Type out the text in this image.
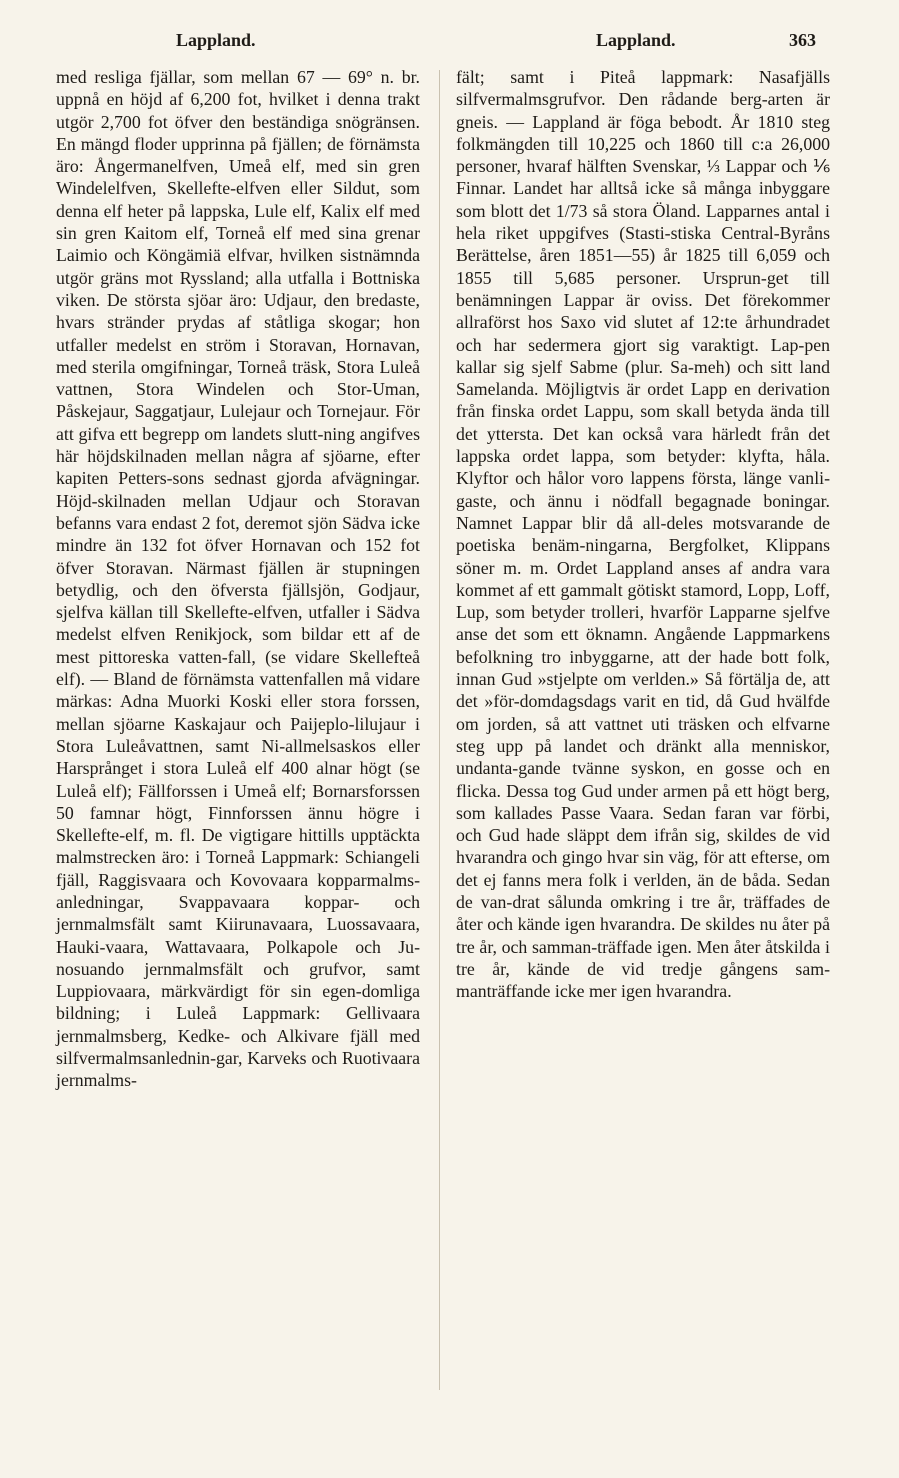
Lappland.	Lappland.	363

med resliga fjällar, som mellan 67 — 69° n. br. uppnå en höjd af 6,200 fot, hvilket i denna trakt utgör 2,700 fot öfver den beständiga snögränsen. En mängd floder upprinna på fjällen; de förnämsta äro: Ångermanelfven, Umeå elf, med sin gren Windelelfven, Skellefte-elfven eller Sildut, som denna elf heter på lappska, Lule elf, Kalix elf med sin gren Kaitom elf, Torneå elf med sina grenar Laimio och Köngämiä elfvar, hvilken sistnämnda utgör gräns mot Ryssland; alla utfalla i Bottniska viken. De största sjöar äro: Udjaur, den bredaste, hvars stränder prydas af ståtliga skogar; hon utfaller medelst en ström i Storavan, Hornavan, med sterila omgifningar, Torneå träsk, Stora Luleå vattnen, Stora Windelen och Stor-Uman, Påskejaur, Saggatjaur, Lulejaur och Tornejaur. För att gifva ett begrepp om landets slutt-ning angifves här höjdskilnaden mellan några af sjöarne, efter kapiten Petters-sons sednast gjorda afvägningar. Höjd-skilnaden mellan Udjaur och Storavan befanns vara endast 2 fot, deremot sjön Sädva icke mindre än 132 fot öfver Hornavan och 152 fot öfver Storavan. Närmast fjällen är stupningen betydlig, och den öfversta fjällsjön, Godjaur, sjelfva källan till Skellefte-elfven, utfaller i Sädva medelst elfven Renikjock, som bildar ett af de mest pittoreska vatten-fall, (se vidare Skellefteå elf). — Bland de förnämsta vattenfallen må vidare märkas: Adna Muorki Koski eller stora forssen, mellan sjöarne Kaskajaur och Paijeplo-lilujaur i Stora Luleåvattnen, samt Ni-allmelsaskos eller Harsprånget i stora Luleå elf 400 alnar högt (se Luleå elf); Fällforssen i Umeå elf; Bornarsforssen 50 famnar högt, Finnforssen ännu högre i Skellefte-elf, m. fl. De vigtigare hittills upptäckta malmstrecken äro: i Torneå Lappmark: Schiangeli fjäll, Raggisvaara och Kovovaara kopparmalms-anledningar, Svappavaara koppar- och jernmalmsfält samt Kiirunavaara, Luossavaara, Hauki-vaara, Wattavaara, Polkapole och Ju-nosuando jernmalmsfält och grufvor, samt Luppiovaara, märkvärdigt för sin egen-domliga bildning; i Luleå Lappmark: Gellivaara jernmalmsberg, Kedke- och Alkivare fjäll med silfvermalmsanlednin-gar, Karveks och Ruotivaara jernmalms-

fält; samt i Piteå lappmark: Nasafjälls silfvermalmsgrufvor. Den rådande berg-arten är gneis. — Lappland är föga bebodt. År 1810 steg folkmängden till 10,225 och 1860 till c:a 26,000 personer, hvaraf hälften Svenskar, ⅓ Lappar och ⅙ Finnar. Landet har alltså icke så många inbyggare som blott det 1/73 så stora Öland. Lapparnes antal i hela riket uppgifves (Stasti-stiska Central-Byråns Berättelse, åren 1851—55) år 1825 till 6,059 och 1855 till 5,685 personer. Ursprun-get till benämningen Lappar är oviss. Det förekommer allraförst hos Saxo vid slutet af 12:te århundradet och har sedermera gjort sig varaktigt. Lap-pen kallar sig sjelf Sabme (plur. Sa-meh) och sitt land Samelanda. Möjligtvis är ordet Lapp en derivation från finska ordet Lappu, som skall betyda ända till det yttersta. Det kan också vara härledt från det lappska ordet lappa, som betyder: klyfta, håla. Klyftor och hålor voro lappens första, länge vanli-gaste, och ännu i nödfall begagnade boningar. Namnet Lappar blir då all-deles motsvarande de poetiska benäm-ningarna, Bergfolket, Klippans söner m. m. Ordet Lappland anses af andra vara kommet af ett gammalt götiskt stamord, Lopp, Loff, Lup, som betyder trolleri, hvarför Lapparne sjelfve anse det som ett öknamn. Angående Lappmarkens befolkning tro inbyggarne, att der hade bott folk, innan Gud »stjelpte om verlden.» Så förtälja de, att det »för-domdagsdags varit en tid, då Gud hvälfde om jorden, så att vattnet uti träsken och elfvarne steg upp på landet och dränkt alla menniskor, undanta-gande tvänne syskon, en gosse och en flicka. Dessa tog Gud under armen på ett högt berg, som kallades Passe Vaara. Sedan faran var förbi, och Gud hade släppt dem ifrån sig, skildes de vid hvarandra och gingo hvar sin väg, för att efterse, om det ej fanns mera folk i verlden, än de båda. Sedan de van-drat sålunda omkring i tre år, träffades de åter och kände igen hvarandra. De skildes nu åter på tre år, och samman-träffade igen. Men åter åtskilda i tre år, kände de vid tredje gångens sam-manträffande icke mer igen hvarandra.
